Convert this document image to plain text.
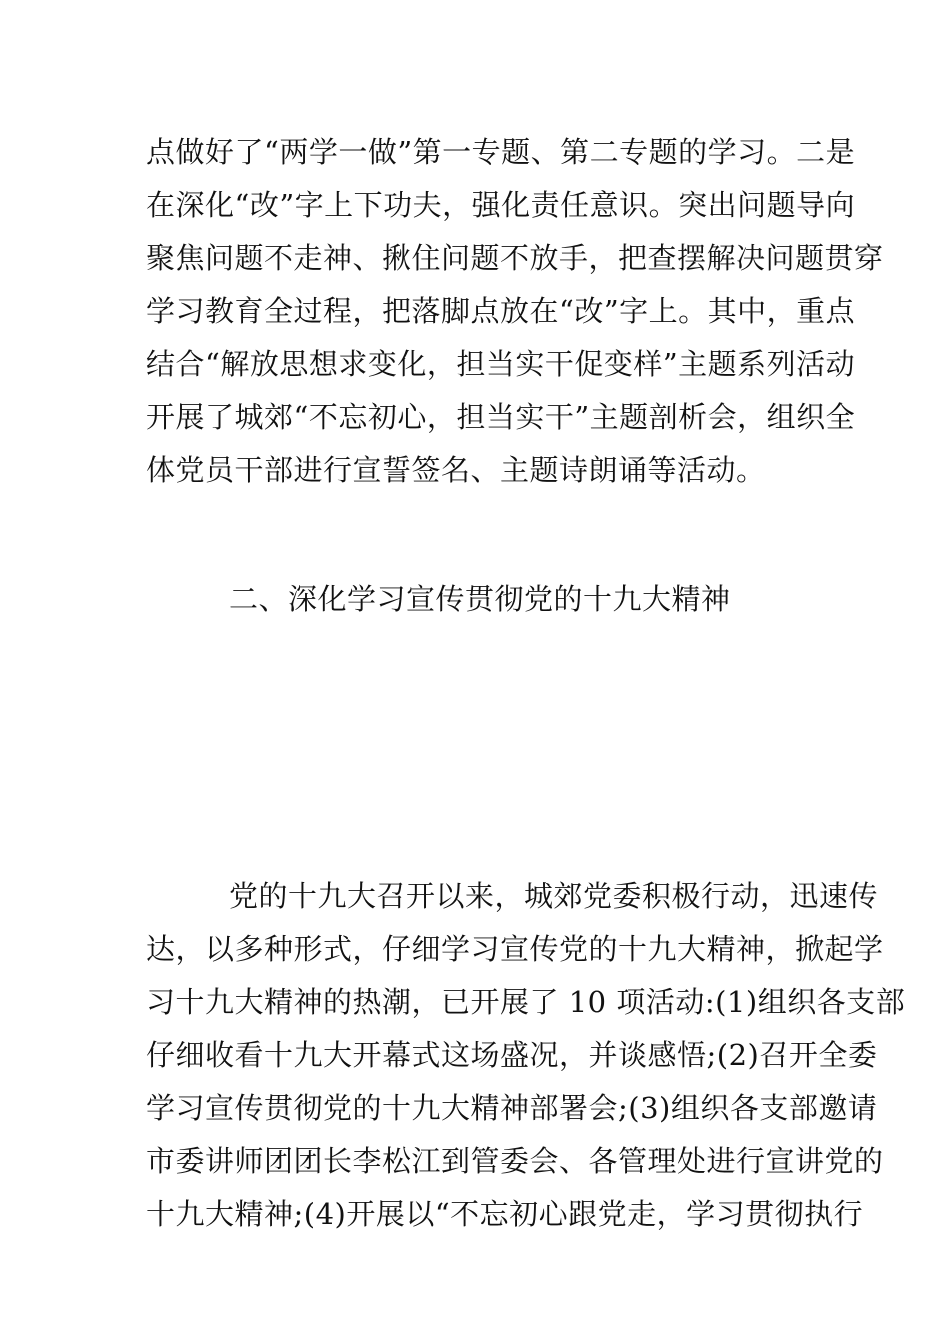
点做好了“两学一做”第一专题、第二专题的学习。二是
在深化“改”字上下功夫，强化责任意识。突出问题导向
聚焦问题不走神、揪住问题不放手，把查摆解决问题贯穿
学习教育全过程，把落脚点放在“改”字上。其中，重点
结合“解放思想求变化，担当实干促变样”主题系列活动
开展了城郊“不忘初心，担当实干”主题剖析会，组织全
体党员干部进行宣誓签名、主题诗朗诵等活动。
二、深化学习宣传贯彻党的十九大精神
党的十九大召开以来，城郊党委积极行动，迅速传
达，以多种形式，仔细学习宣传党的十九大精神，掀起学
习十九大精神的热潮，已开展了 10 项活动:(1)组织各支部
仔细收看十九大开幕式这场盛况，并谈感悟;(2)召开全委
学习宣传贯彻党的十九大精神部署会;(3)组织各支部邀请
市委讲师团团长李松江到管委会、各管理处进行宣讲党的
十九大精神;(4)开展以“不忘初心跟党走，学习贯彻执行
